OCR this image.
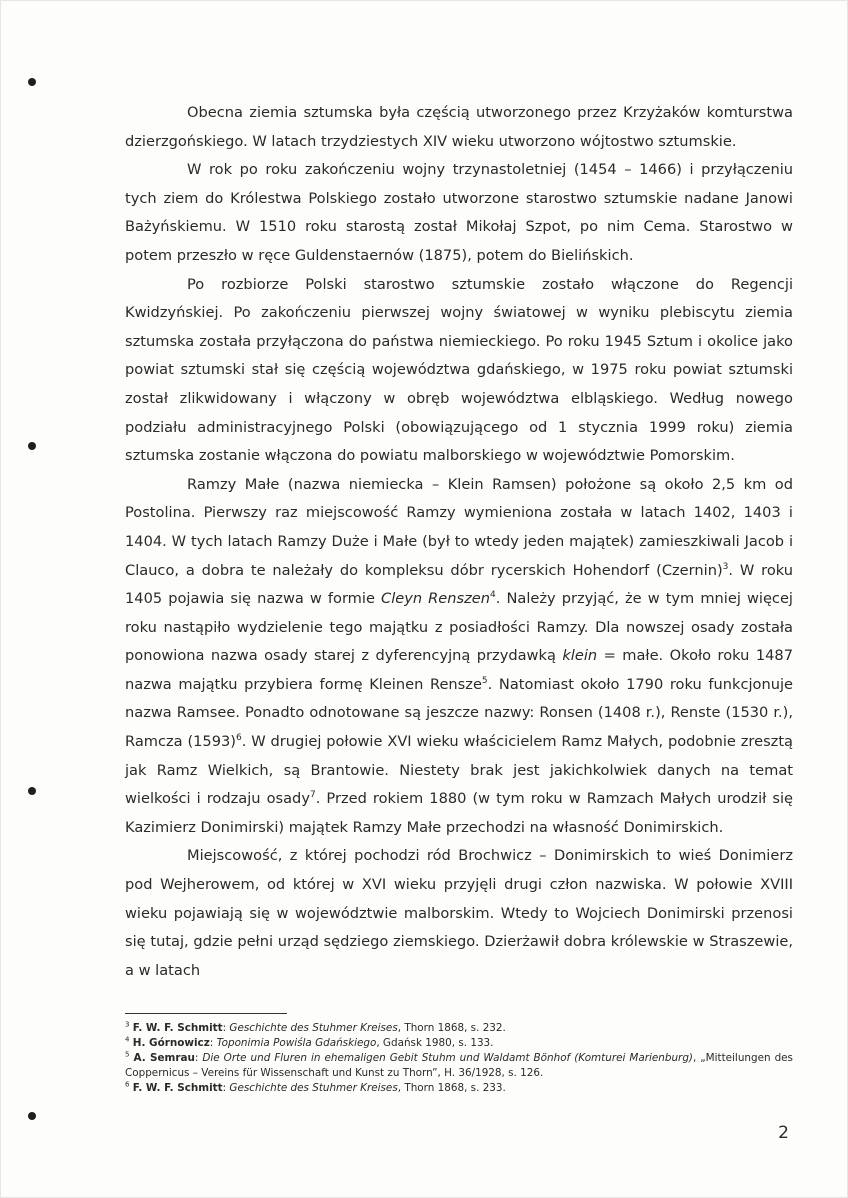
Obecna ziemia sztumska była częścią utworzonego przez Krzyżaków komturstwa dzierzgońskiego. W latach trzydziestych XIV wieku utworzono wójtostwo sztumskie.

W rok po roku zakończeniu wojny trzynastoletniej (1454 – 1466) i przyłączeniu tych ziem do Królestwa Polskiego zostało utworzone starostwo sztumskie nadane Janowi Bażyńskiemu. W 1510 roku starostą został Mikołaj Szpot, po nim Cema. Starostwo w potem przeszło w ręce Guldenstaernów (1875), potem do Bielińskich.

Po rozbiorze Polski starostwo sztumskie zostało włączone do Regencji Kwidzyńskiej. Po zakończeniu pierwszej wojny światowej w wyniku plebiscytu ziemia sztumska została przyłączona do państwa niemieckiego. Po roku 1945 Sztum i okolice jako powiat sztumski stał się częścią województwa gdańskiego, w 1975 roku powiat sztumski został zlikwidowany i włączony w obręb województwa elbląskiego. Według nowego podziału administracyjnego Polski (obowiązującego od 1 stycznia 1999 roku) ziemia sztumska zostanie włączona do powiatu malborskiego w województwie Pomorskim.

Ramzy Małe (nazwa niemiecka – Klein Ramsen) położone są około 2,5 km od Postolina. Pierwszy raz miejscowość Ramzy wymieniona została w latach 1402, 1403 i 1404. W tych latach Ramzy Duże i Małe (był to wtedy jeden majątek) zamieszkiwali Jacob i Clauco, a dobra te należały do kompleksu dóbr rycerskich Hohendorf (Czernin)$^3$. W roku 1405 pojawia się nazwa w formie Cleyn Renszen$^4$. Należy przyjąć, że w tym mniej więcej roku nastąpiło wydzielenie tego majątku z posiadłości Ramzy. Dla nowszej osady została ponowiona nazwa osady starej z dyferencyjną przydawką klein = małe. Około roku 1487 nazwa majątku przybiera formę Kleinen Rensze$^5$. Natomiast około 1790 roku funkcjonuje nazwa Ramsee. Ponadto odnotowane są jeszcze nazwy: Ronsen (1408 r.), Renste (1530 r.), Ramcza $(1593)^6$. W drugiej połowie XVI wieku właścicielem Ramz Małych, podobnie zresztą jak Ramz Wielkich, są Brantowie. Niestety brak jest jakichkolwiek danych na temat wielkości i rodzaju osady$^7$. Przed rokiem 1880 (w tym roku w Ramzach Małych urodził się Kazimierz Donimirski) majątek Ramzy Małe przechodzi na własność Donimirskich.

Miejscowość, z której pochodzi ród Brochwicz – Donimirskich to wieś Donimierz pod Wejherowem, od której w XVI wieku przyjęli drugi człon nazwiska. W połowie XVIII wieku pojawiają się w województwie malborskim. Wtedy to Wojciech Donimirski przenosi się tutaj, gdzie pełni urząd sędziego ziemskiego. Dzierżawił dobra królewskie w Straszewie, a w latach

$^3$ F. W. F. Schmitt: Geschichte des Stuhmer Kreises, Thorn 1868, s. 232.
$^4$ H. Górnowicz: Toponimia Powiśla Gdańskiego, Gdańsk 1980, s. 133.
$^5$ A. Semrau: Die Orte und Fluren in ehemaligen Gebit Stuhm und Waldamt Bönhof (Komturei Marienburg), „Mitteilungen des Coppernicus – Vereins für Wissenschaft und Kunst zu Thorn”, H. 36/1928, s. 126.
$^6$ F. W. F. Schmitt: Geschichte des Stuhmer Kreises, Thorn 1868, s. 233.
2
